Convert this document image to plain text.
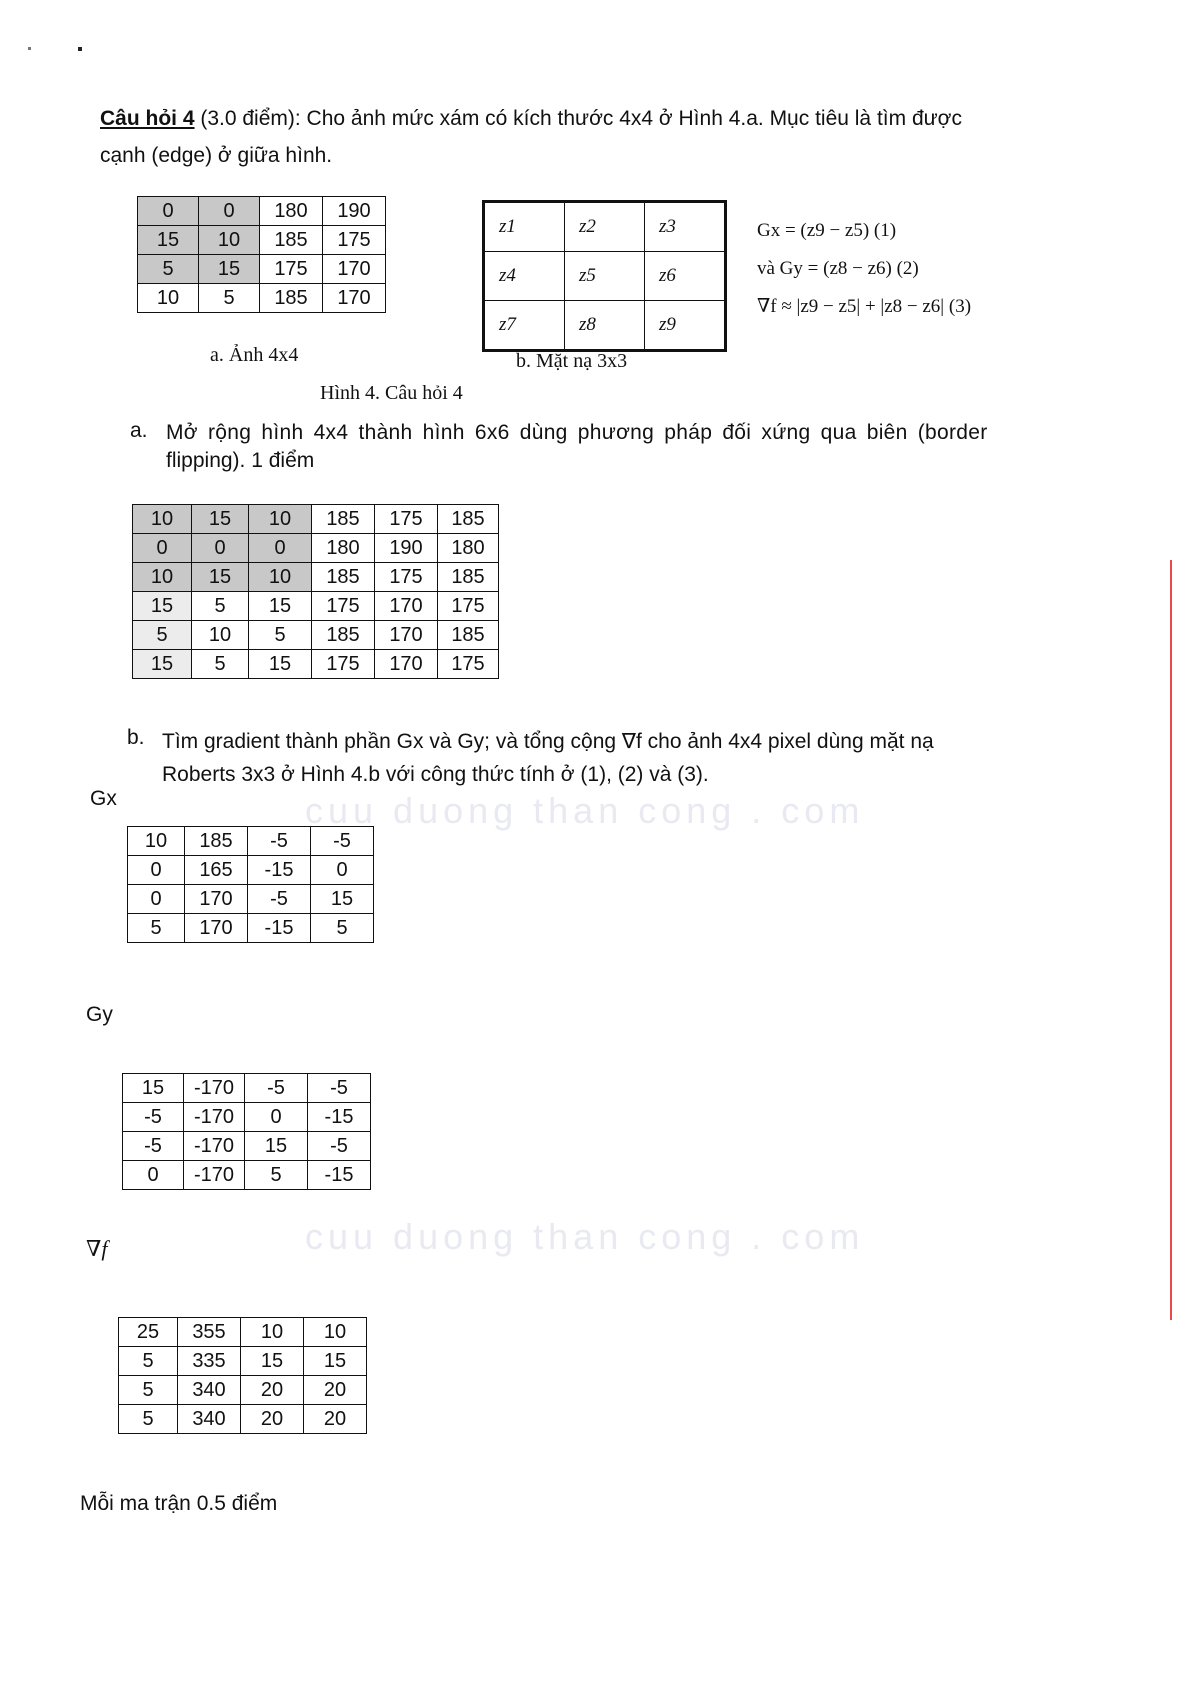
Câu hỏi 4 (3.0 điểm): Cho ảnh mức xám có kích thước 4x4 ở Hình 4.a. Mục tiêu là tìm được
cạnh (edge) ở giữa hình.
0	0	180	190
15	10	185	175
5	15	175	170
10	5	185	170
a. Ảnh 4x4
z1	z2	z3
z4	z5	z6
z7	z8	z9
b. Mặt nạ 3x3
Gx = (z9 − z5) (1)
và Gy = (z8 − z6) (2)
∇f ≈ |z9 − z5| + |z8 − z6| (3)
Hình 4. Câu hỏi 4
a. Mở rộng hình 4x4 thành hình 6x6 dùng phương pháp đối xứng qua biên (border
flipping). 1 điểm
10	15	10	185	175	185
0	0	0	180	190	180
10	15	10	185	175	185
15	5	15	175	170	175
5	10	5	185	170	185
15	5	15	175	170	175
b. Tìm gradient thành phần Gx và Gy; và tổng cộng ∇f cho ảnh 4x4 pixel dùng mặt nạ
Roberts 3x3 ở Hình 4.b với công thức tính ở (1), (2) và (3).
cuu duong than cong . com
cuu duong than cong . com
Gx
10	185	-5	-5
0	165	-15	0
0	170	-5	15
5	170	-15	5
Gy
15	-170	-5	-5
-5	-170	0	-15
-5	-170	15	-5
0	-170	5	-15
∇f
25	355	10	10
5	335	15	15
5	340	20	20
5	340	20	20
Mỗi ma trận 0.5 điểm
